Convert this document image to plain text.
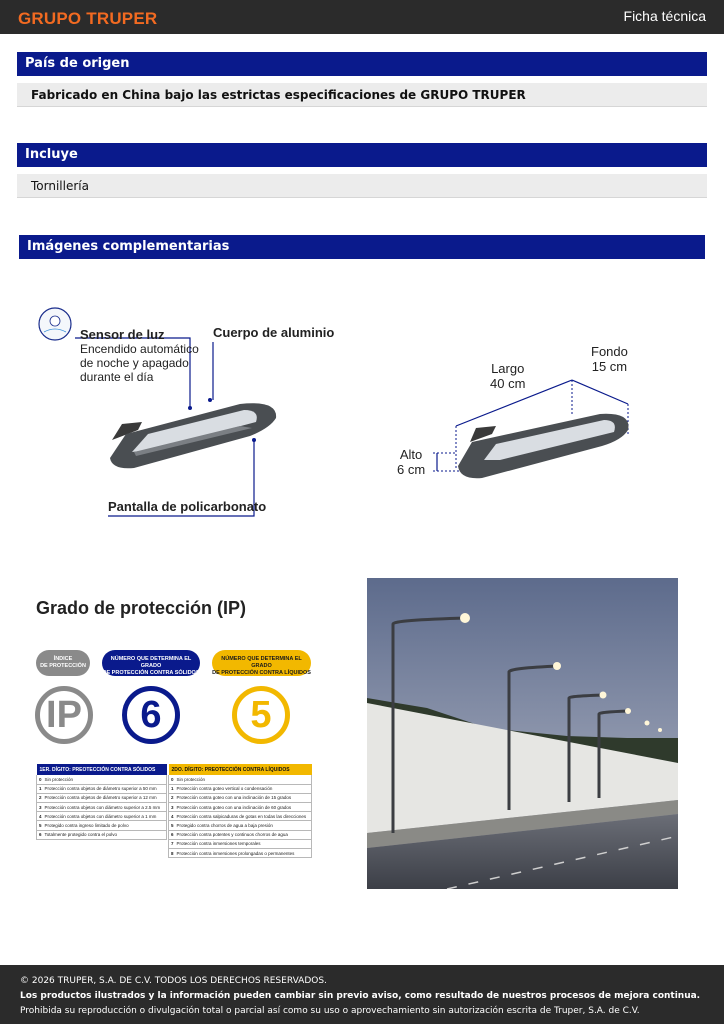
GRUPO TRUPER	Ficha técnica
País de origen
Fabricado en China bajo las estrictas especificaciones de GRUPO TRUPER
Incluye
Tornillería
Imágenes complementarias
Sensor de luz
Encendido automático
de noche y apagado
durante el día
Cuerpo de aluminio
Pantalla de policarbonato
Largo
40 cm
Fondo
15 cm
Alto
6 cm
Grado de protección (IP)
ÍNDICE
DE PROTECCIÓN
NÚMERO QUE DETERMINA EL GRADO
DE PROTECCIÓN CONTRA SÓLIDOS
NÚMERO QUE DETERMINA EL GRADO
DE PROTECCIÓN CONTRA LÍQUIDOS
IP	6	5
1ER. DÍGITO: PREOTECCIÓN CONTRA SÓLIDOS
0 Sin protección
1 Protección contra objetos de diámetro superior a 50 mm
2 Protección contra objetos de diámetro superior a 12 mm
3 Protección contra objetos con diámetro superior a 2.5 mm
4 Protección contra objetos con diámetro superior a 1 mm
5 Protegido contra ingreso limitado de polvo
6 Totalmente protegido contra el polvo
2DO. DÍGITO: PREOTECCIÓN CONTRA LÍQUIDOS
0 Sin protección
1 Protección contra goteo vertical o condensación
2 Protección contra goteo con una inclinación de 15 grados
3 Protección contra goteo con una inclinación de 60 grados
4 Protección contra salpicaduras de gotas en todas las direcciones
5 Protegido contra chorros de agua a baja presión
6 Protección contra potentes y continuos chorros de agua
7 Protección contra inmersiones temporales
8 Protección contra inmersiones prolongadas o permanentes
© 2026 TRUPER, S.A. DE C.V. TODOS LOS DERECHOS RESERVADOS.
Los productos ilustrados y la información pueden cambiar sin previo aviso, como resultado de nuestros procesos de mejora continua.
Prohibida su reproducción o divulgación total o parcial así como su uso o aprovechamiento sin autorización escrita de Truper, S.A. de C.V.
